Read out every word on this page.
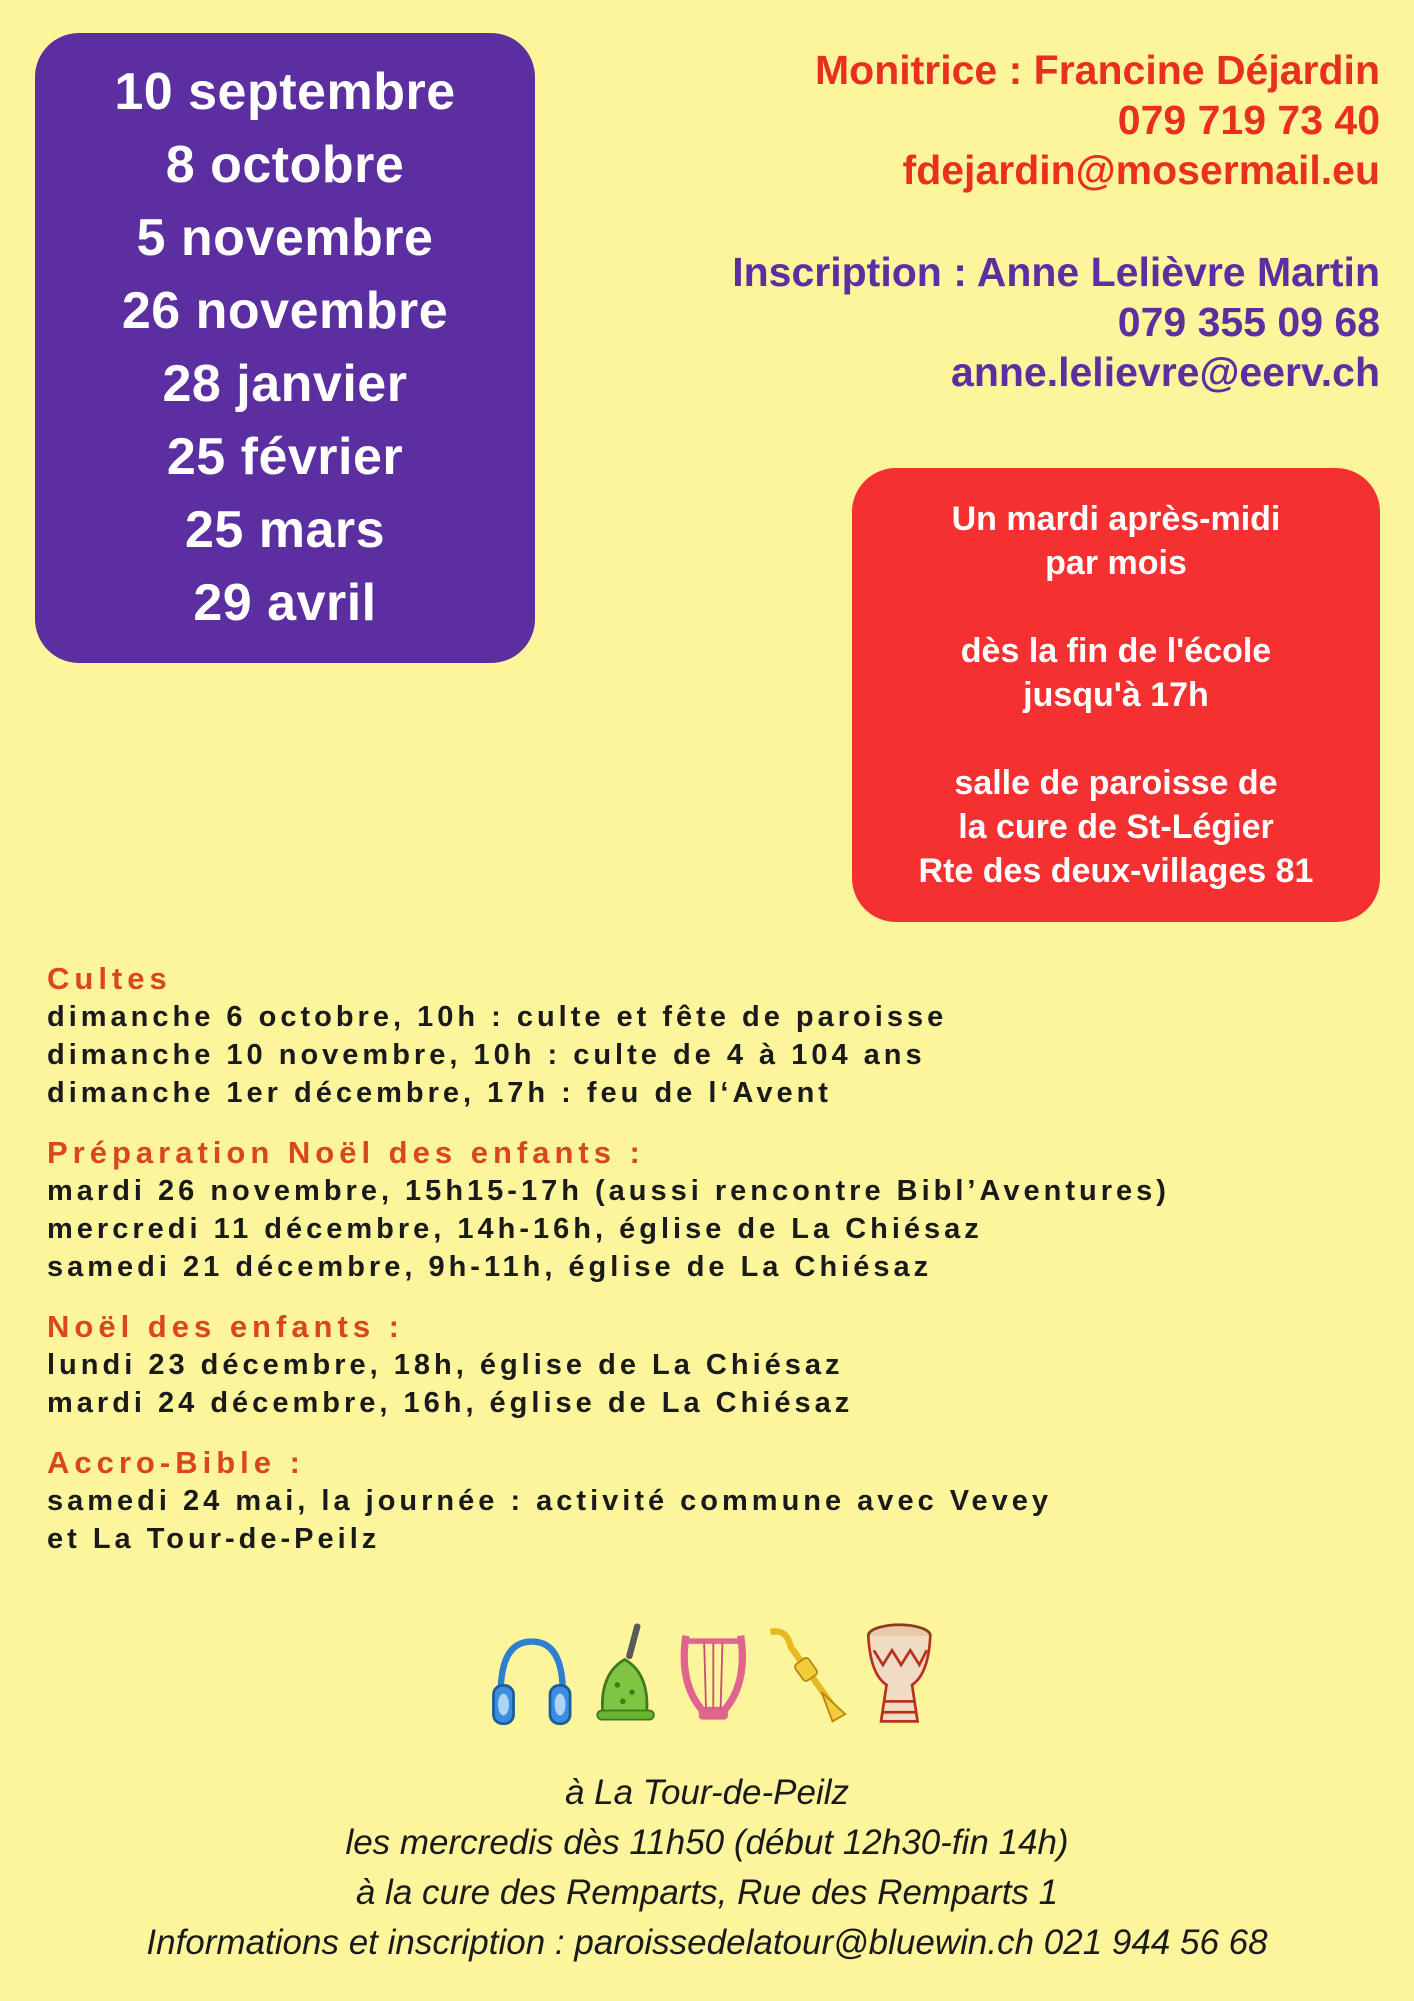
10 septembre
8 octobre
5 novembre
26 novembre
28 janvier
25 février
25 mars
29 avril
Monitrice : Francine Déjardin
079 719 73 40
fdejardin@mosermail.eu
Inscription : Anne Lelièvre Martin
079 355 09 68
anne.lelievre@eerv.ch
Un mardi après-midi
par mois
dès la fin de l'école
jusqu'à 17h
salle de paroisse de
la cure de St-Légier
Rte des deux-villages 81
Cultes
dimanche 6 octobre, 10h : culte et fête de paroisse
dimanche 10 novembre, 10h : culte de 4 à 104 ans
dimanche 1er décembre, 17h : feu de l‘Avent
Préparation Noël des enfants :
mardi 26 novembre, 15h15-17h (aussi rencontre Bibl’Aventures)
mercredi 11 décembre, 14h-16h, église de La Chiésaz
samedi 21 décembre, 9h-11h, église de La Chiésaz
Noël des enfants :
lundi 23 décembre, 18h, église de La Chiésaz
mardi 24 décembre, 16h, église de La Chiésaz
Accro-Bible :
samedi 24 mai, la journée : activité commune avec Vevey
et La Tour-de-Peilz
à La Tour-de-Peilz
les mercredis dès 11h50 (début 12h30-fin 14h)
à la cure des Remparts, Rue des Remparts 1
Informations et inscription : paroissedelatour@bluewin.ch 021 944 56 68
